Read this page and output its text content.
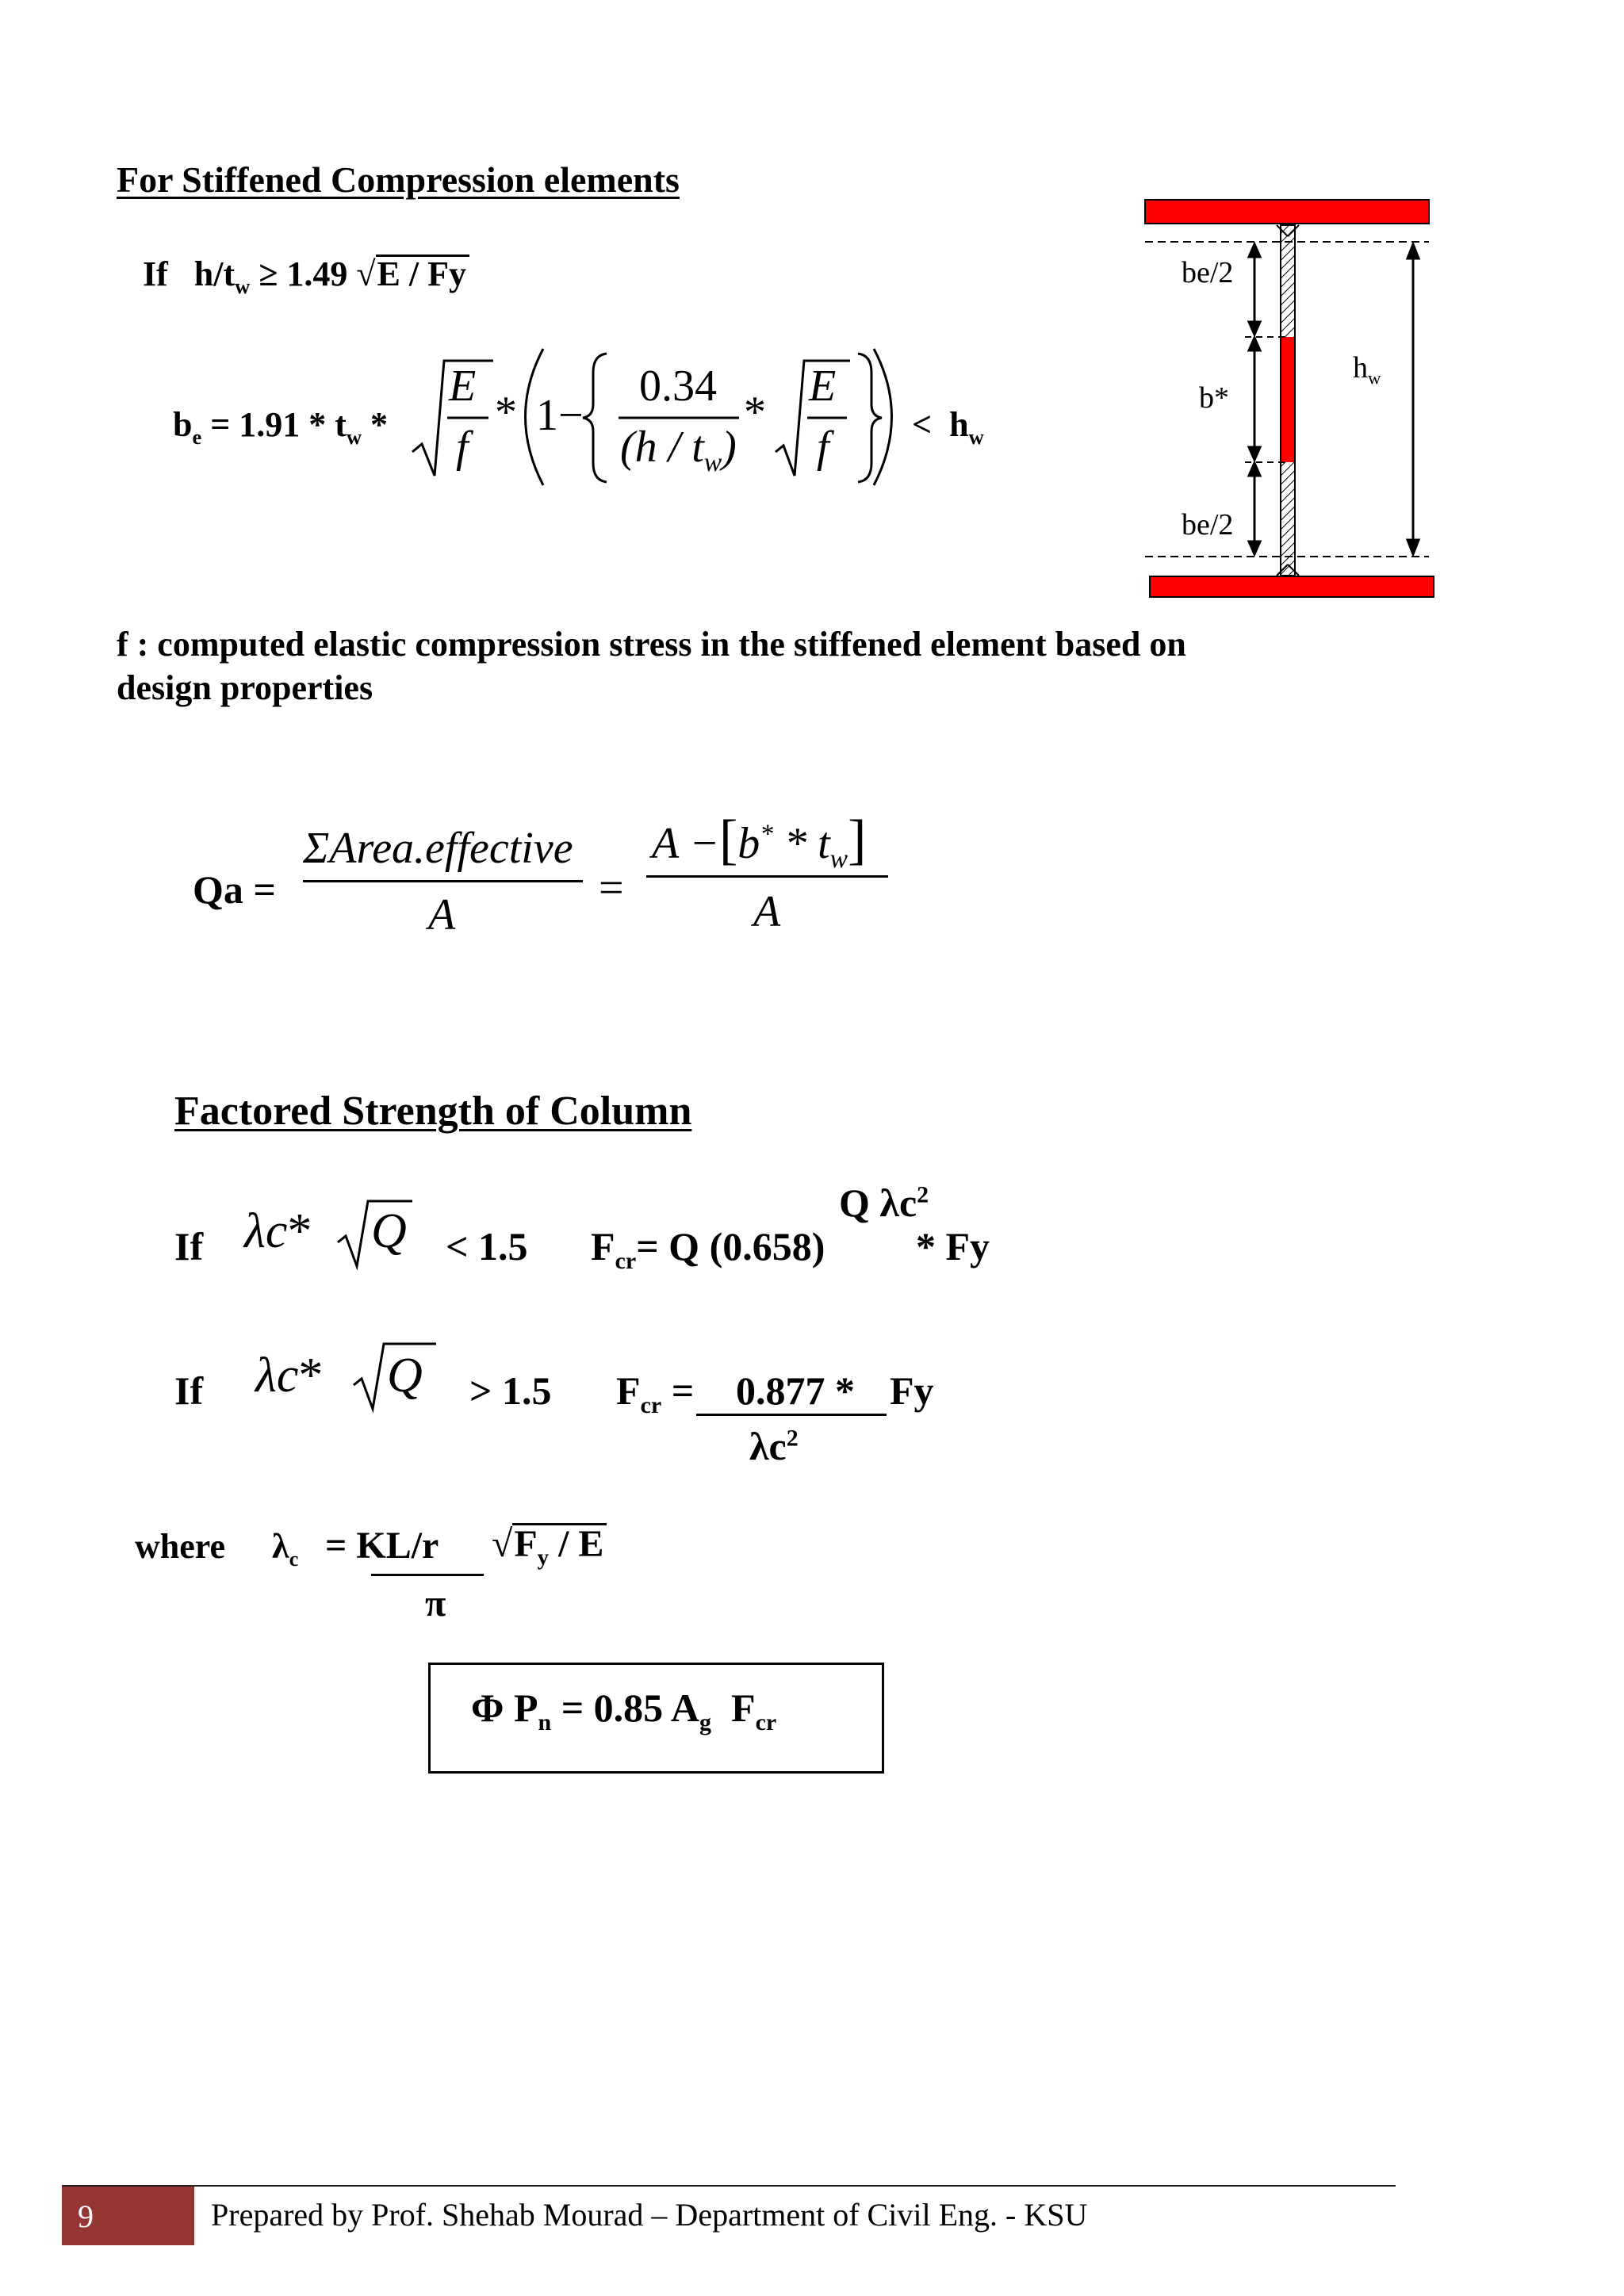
For Stiffened Compression elements
If $h/t_w \ge 1.49$ √E / Fy
$b_e = 1.91 * t_w$ *
E
f
* 1−
0.34
$(h / t_w)$
*
E
$f < h_w$
be/2
b*
be/2
$h_w$
f : computed elastic compression stress in the stiffened element based on
design properties
Qa =
ΣArea.effective
A
=
$A -[b^* * t_w]$
A
Factored Strength of Column
If λc* Q < 1.5 $F_{cr}= Q$ (0.658)
Q $\lambda c^2$
* Fy
If λc* Q > 1.5 $F_{cr} = 0.877 * Fy$
$\lambda c^2$
where $\lambda_c = KL/r$ $√F_y$ / E
π
Φ $P_n = 0.85$ $A_g$ $F_{cr}$
9	Prepared by Prof. Shehab Mourad – Department of Civil Eng. - KSU
